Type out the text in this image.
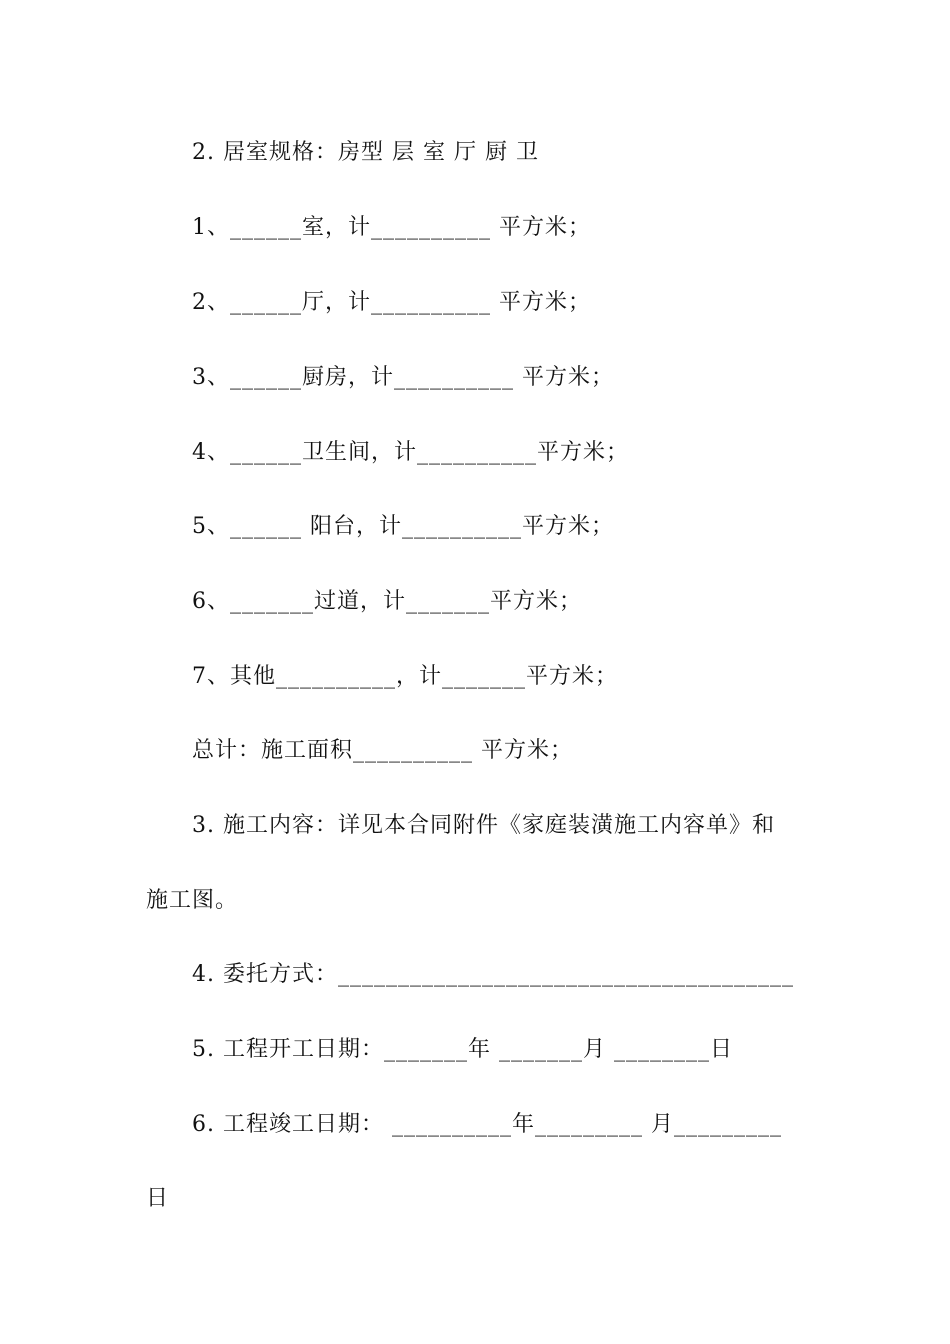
2. 居室规格：房型 层 室 厅 厨 卫
1、______室，计__________ 平方米；
2、______厅，计__________ 平方米；
3、______厨房，计__________ 平方米；
4、______卫生间，计__________平方米；
5、______ 阳台，计__________平方米；
6、_______过道，计_______平方米；
7、其他__________，计_______平方米；
总计：施工面积__________ 平方米；
3. 施工内容：详见本合同附件《家庭装潢施工内容单》和
施工图。
4. 委托方式：______________________________________
5. 工程开工日期：_______年 _______月 ________日
6. 工程竣工日期： __________年_________ 月_________
日
